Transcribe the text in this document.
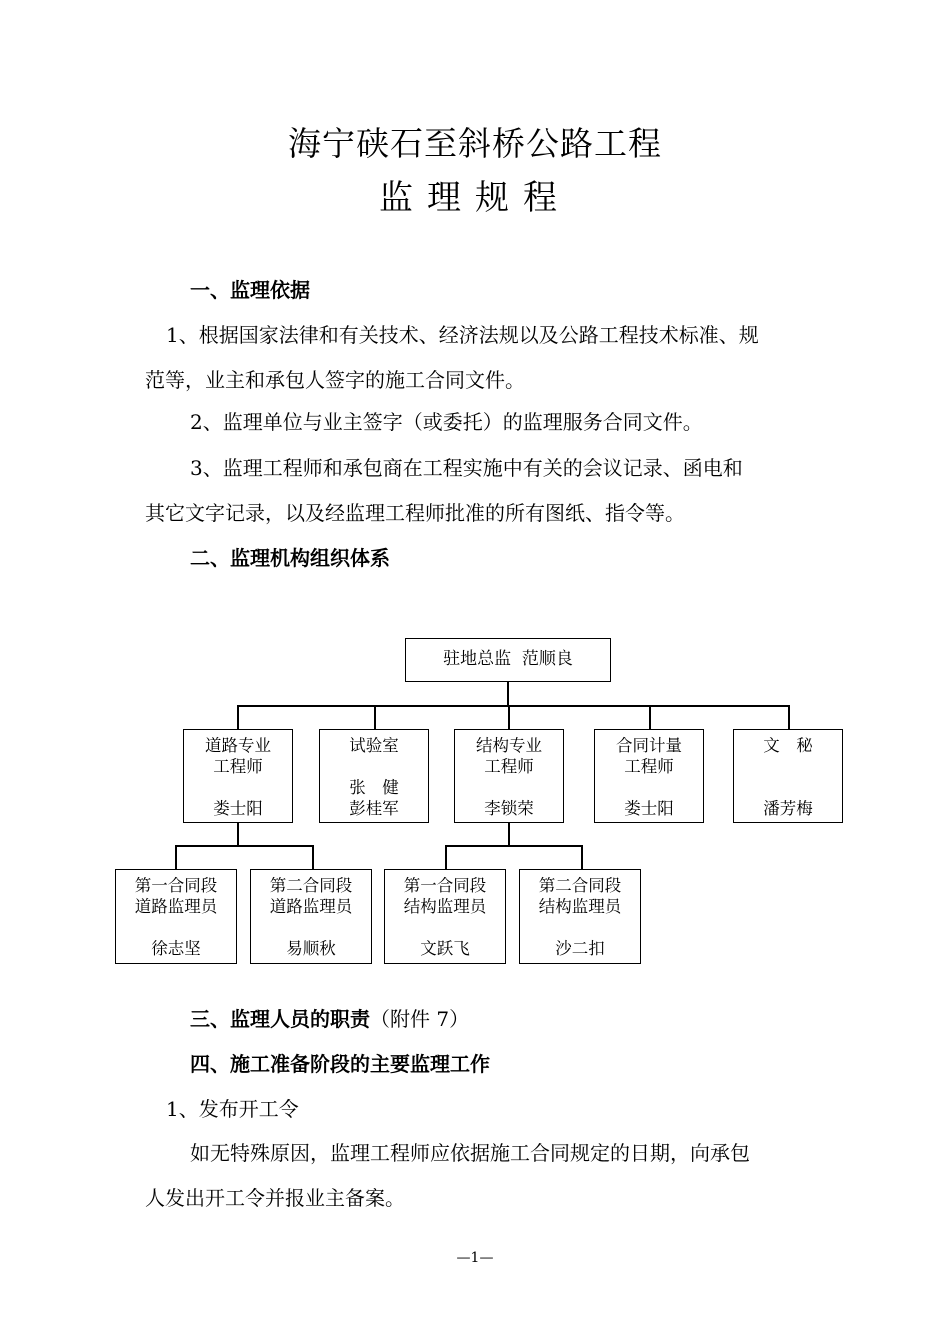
海宁硖石至斜桥公路工程
监理规程
一、监理依据
1、根据国家法律和有关技术、经济法规以及公路工程技术标准、规
范等，业主和承包人签字的施工合同文件。
2、监理单位与业主签字（或委托）的监理服务合同文件。
3、监理工程师和承包商在工程实施中有关的会议记录、函电和
其它文字记录，以及经监理工程师批准的所有图纸、指令等。
二、监理机构组织体系
驻地总监 范顺良
道路专业
工程师
娄士阳
试验室
张　健
彭桂军
结构专业
工程师
李锁荣
合同计量
工程师
娄士阳
文　秘
潘芳梅
第一合同段
道路监理员
徐志坚
第二合同段
道路监理员
易顺秋
第一合同段
结构监理员
文跃飞
第二合同段
结构监理员
沙二扣
三、监理人员的职责（附件 7）
四、施工准备阶段的主要监理工作
1、发布开工令
如无特殊原因，监理工程师应依据施工合同规定的日期，向承包
人发出开工令并报业主备案。
—1—
